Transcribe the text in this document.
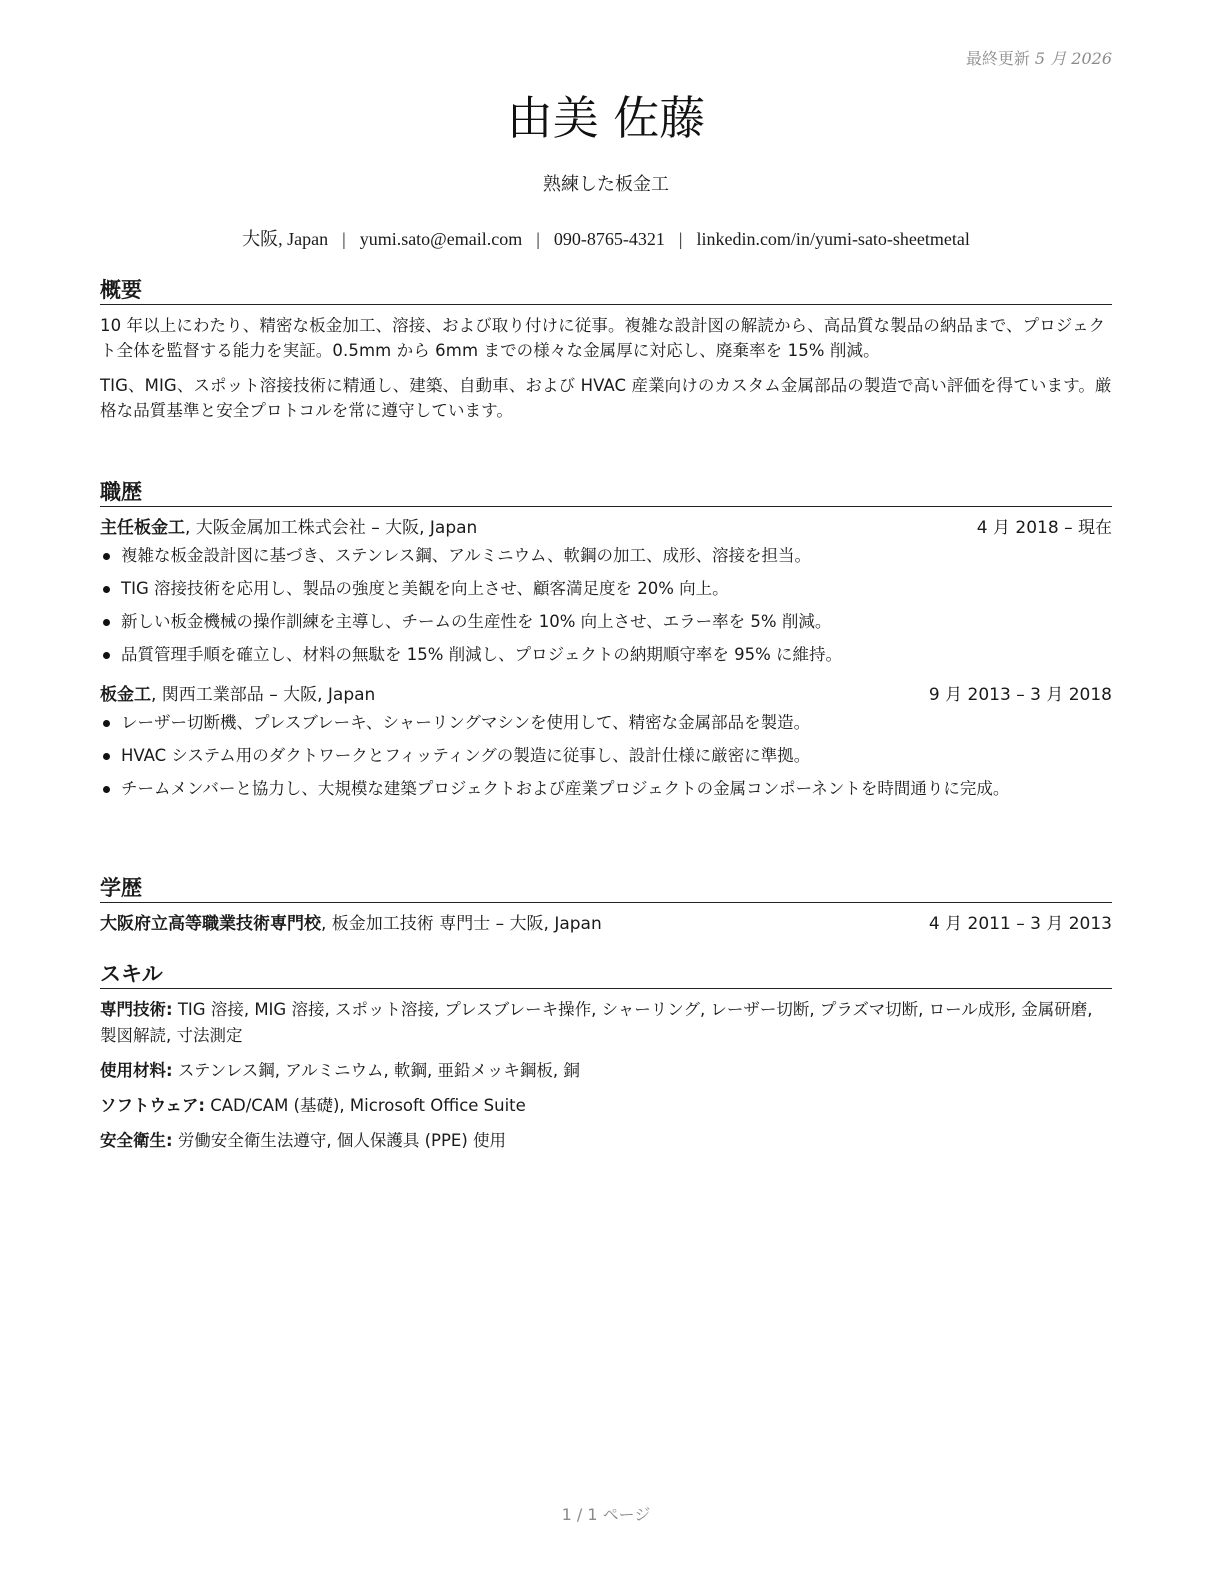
最終更新 5 月 2026
由美 佐藤
熟練した板金工
大阪, Japan | yumi.sato@email.com | 090-8765-4321 | linkedin.com/in/yumi-sato-sheetmetal
概要

10 年以上にわたり、精密な板金加工、溶接、および取り付けに従事。複雑な設計図の解読から、高品質な製品の納品まで、プロジェクト全体を監督する能力を実証。0.5mm から 6mm までの様々な金属厚に対応し、廃棄率を 15% 削減。

TIG、MIG、スポット溶接技術に精通し、建築、自動車、および HVAC 産業向けのカスタム金属部品の製造で高い評価を得ています。厳格な品質基準と安全プロトコルを常に遵守しています。

職歴
主任板金工, 大阪金属加工株式会社 – 大阪, Japan	4 月 2018 – 現在
複雑な板金設計図に基づき、ステンレス鋼、アルミニウム、軟鋼の加工、成形、溶接を担当。
TIG 溶接技術を応用し、製品の強度と美観を向上させ、顧客満足度を 20% 向上。
新しい板金機械の操作訓練を主導し、チームの生産性を 10% 向上させ、エラー率を 5% 削減。
品質管理手順を確立し、材料の無駄を 15% 削減し、プロジェクトの納期順守率を 95% に維持。
板金工, 関西工業部品 – 大阪, Japan	9 月 2013 – 3 月 2018
レーザー切断機、プレスブレーキ、シャーリングマシンを使用して、精密な金属部品を製造。
HVAC システム用のダクトワークとフィッティングの製造に従事し、設計仕様に厳密に準拠。
チームメンバーと協力し、大規模な建築プロジェクトおよび産業プロジェクトの金属コンポーネントを時間通りに完成。
学歴
大阪府立高等職業技術専門校, 板金加工技術 専門士 – 大阪, Japan	4 月 2011 – 3 月 2013
スキル
専門技術: TIG 溶接, MIG 溶接, スポット溶接, プレスブレーキ操作, シャーリング, レーザー切断, プラズマ切断, ロール成形, 金属研磨, 製図解読, 寸法測定
使用材料: ステンレス鋼, アルミニウム, 軟鋼, 亜鉛メッキ鋼板, 銅
ソフトウェア: CAD/CAM (基礎), Microsoft Office Suite
安全衛生: 労働安全衛生法遵守, 個人保護具 (PPE) 使用
1 / 1 ページ
